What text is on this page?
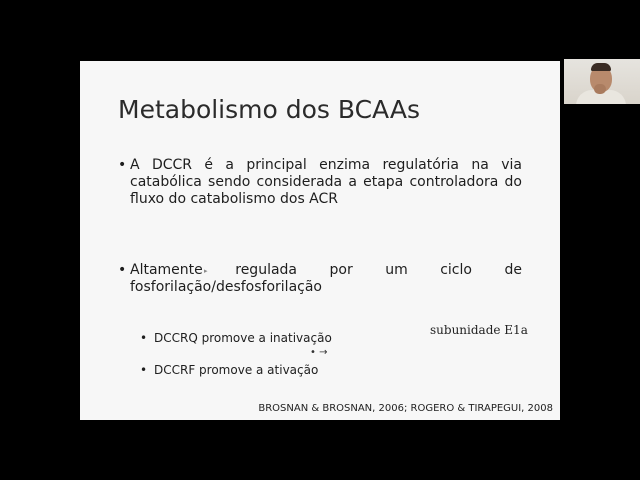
Metabolismo dos BCAAs
• A DCCR é a principal enzima regulatória na via catabólica sendo considerada a etapa controladora do fluxo do catabolismo dos ACR
• Altamente regulada por um ciclo de
fosforilação/desfosforilação
▸
• DCCRQ promove a inativação
• DCCRF promove a ativação
subunidade E1a
• →
BROSNAN & BROSNAN, 2006; ROGERO & TIRAPEGUI, 2008
